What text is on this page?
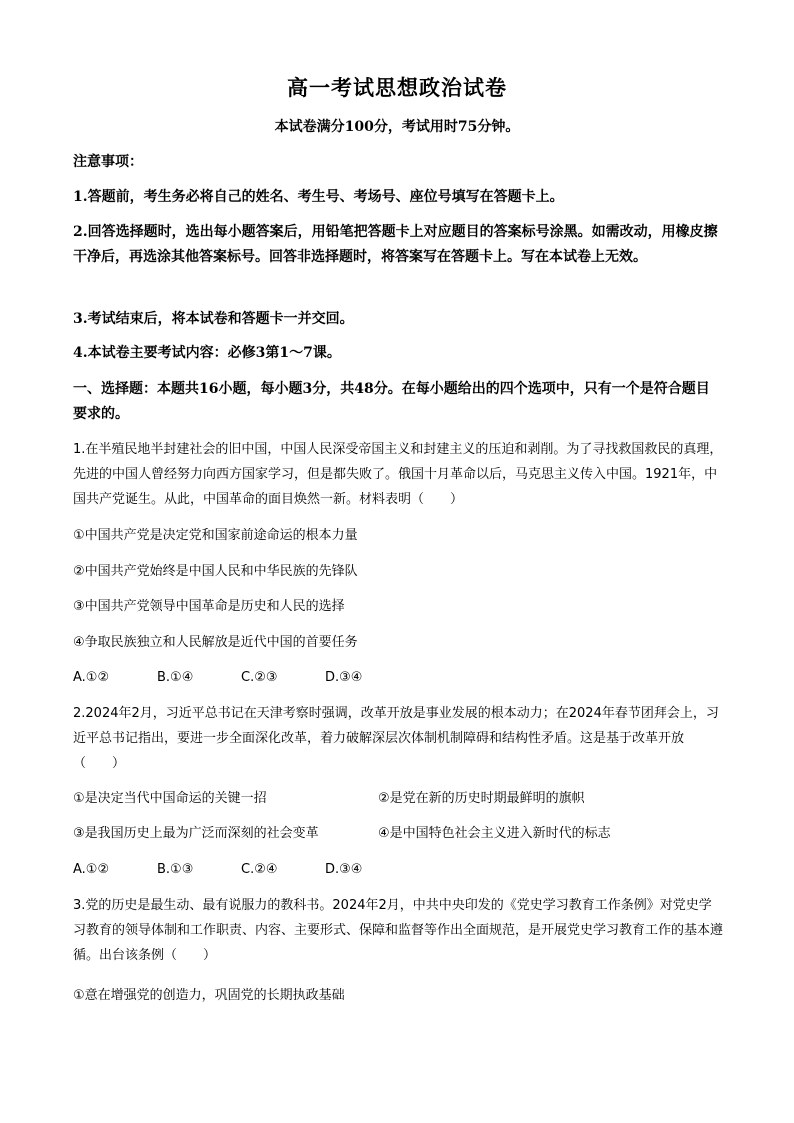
高一考试思想政治试卷
本试卷满分100分，考试用时75分钟。

注意事项：

1.答题前，考生务必将自己的姓名、考生号、考场号、座位号填写在答题卡上。

2.回答选择题时，选出每小题答案后，用铅笔把答题卡上对应题目的答案标号涂黑。如需改动，用橡皮擦干净后，再选涂其他答案标号。回答非选择题时，将答案写在答题卡上。写在本试卷上无效。

3.考试结束后，将本试卷和答题卡一并交回。

4.本试卷主要考试内容：必修3第1～7课。

一、选择题：本题共16小题，每小题3分，共48分。在每小题给出的四个选项中，只有一个是符合题目要求的。

1.在半殖民地半封建社会的旧中国，中国人民深受帝国主义和封建主义的压迫和剥削。为了寻找救国救民的真理，先进的中国人曾经努力向西方国家学习，但是都失败了。俄国十月革命以后，马克思主义传入中国。1921年，中国共产党诞生。从此，中国革命的面目焕然一新。材料表明（　　）

①中国共产党是决定党和国家前途命运的根本力量
②中国共产党始终是中国人民和中华民族的先锋队
③中国共产党领导中国革命是历史和人民的选择
④争取民族独立和人民解放是近代中国的首要任务
A.①②	B.①④	C.②③	D.③④

2.2024年2月，习近平总书记在天津考察时强调，改革开放是事业发展的根本动力；在2024年春节团拜会上，习近平总书记指出，要进一步全面深化改革，着力破解深层次体制机制障碍和结构性矛盾。这是基于改革开放（　　）

①是决定当代中国命运的关键一招	②是党在新的历史时期最鲜明的旗帜
③是我国历史上最为广泛而深刻的社会变革	④是中国特色社会主义进入新时代的标志
A.①②	B.①③	C.②④	D.③④

3.党的历史是最生动、最有说服力的教科书。2024年2月，中共中央印发的《党史学习教育工作条例》对党史学习教育的领导体制和工作职责、内容、主要形式、保障和监督等作出全面规范，是开展党史学习教育工作的基本遵循。出台该条例（　　）

①意在增强党的创造力，巩固党的长期执政基础
